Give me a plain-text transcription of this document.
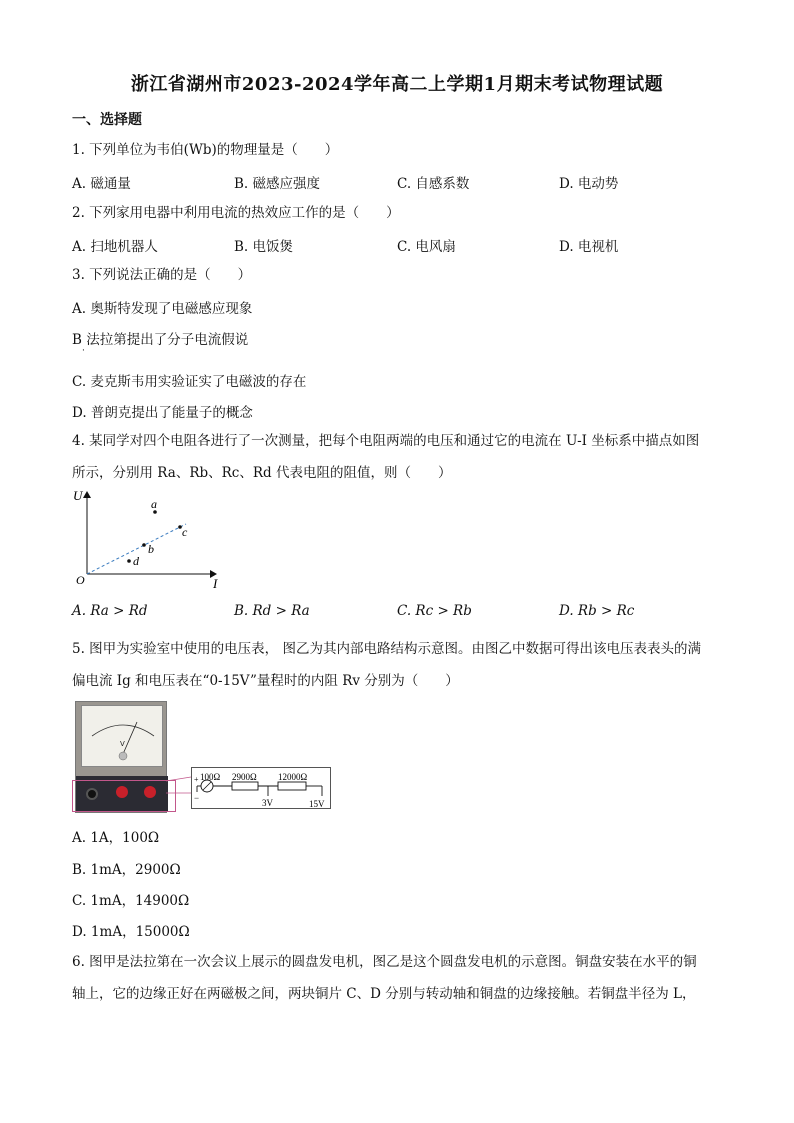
浙江省湖州市2023-2024学年高二上学期1月期末考试物理试题
一、选择题
1. 下列单位为韦伯(Wb)的物理量是（　　）
A. 磁通量	B. 磁感应强度	C. 自感系数	D. 电动势
2. 下列家用电器中利用电流的热效应工作的是（　　）
A. 扫地机器人	B. 电饭煲	C. 电风扇	D. 电视机
3. 下列说法正确的是（　　）
A. 奥斯特发现了电磁感应现象
B 法拉第提出了分子电流假说
·
C. 麦克斯韦用实验证实了电磁波的存在
D. 普朗克提出了能量子的概念
4. 某同学对四个电阻各进行了一次测量，把每个电阻两端的电压和通过它的电流在 U-I 坐标系中描点如图
所示，分别用 Ra、Rb、Rc、Rd 代表电阻的阻值，则（　　）
U
I
O
a
b
c
d
A. Ra > Rd	B. Rd > Ra	C. Rc > Rb	D. Rb > Rc
5. 图甲为实验室中使用的电压表， 图乙为其内部电路结构示意图。由图乙中数据可得出该电压表表头的满
偏电流 Ig 和电压表在“0-15V”量程时的内阻 Rv 分别为（　　）
V
100Ω 2900Ω 12000Ω
−
+
3V	15V
A. 1A，100Ω
B. 1mA，2900Ω
C. 1mA，14900Ω
D. 1mA，15000Ω
6. 图甲是法拉第在一次会议上展示的圆盘发电机，图乙是这个圆盘发电机的示意图。铜盘安装在水平的铜
轴上，它的边缘正好在两磁极之间，两块铜片 C、D 分别与转动轴和铜盘的边缘接触。若铜盘半径为 L，
